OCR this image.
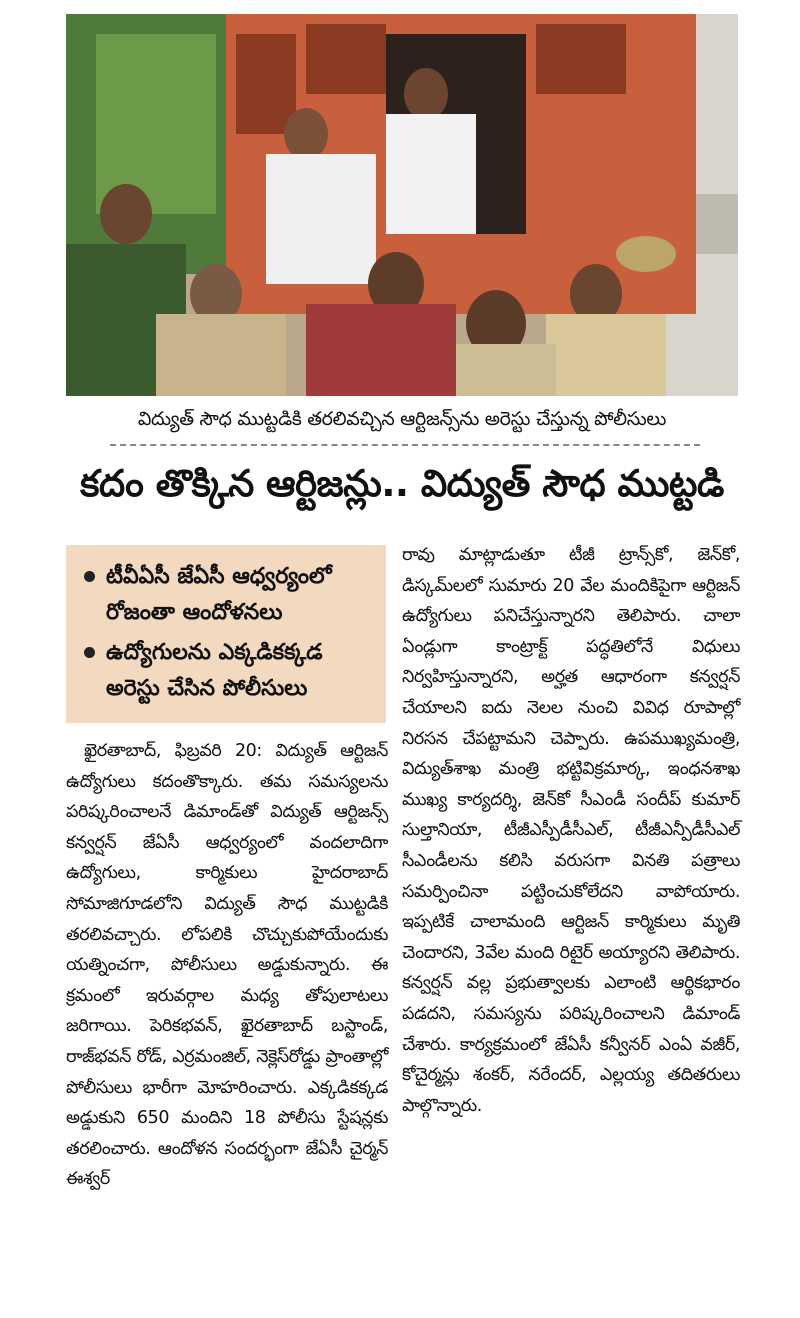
విద్యుత్‌ సౌధ ముట్టడికి తరలివచ్చిన ఆర్టిజన్స్‌ను అరెస్టు చేస్తున్న పోలీసులు
కదం తొక్కిన ఆర్టిజన్లు.. విద్యుత్‌ సౌధ ముట్టడి
టీవీఏసీ జేఏసీ ఆధ్వర్యంలో రోజంతా ఆందోళనలు
ఉద్యోగులను ఎక్కడికక్కడ అరెస్టు చేసిన పోలీసులు

ఖైరతాబాద్‌, ఫిబ్రవరి 20: విద్యుత్‌ ఆర్టిజన్‌ ఉద్యోగులు కదంతొక్కారు. తమ సమస్యలను పరిష్కరించాలనే డిమాండ్‌తో విద్యుత్‌ ఆర్టిజన్స్‌ కన్వర్షన్‌ జేఏసీ ఆధ్వర్యంలో వందలాదిగా ఉద్యోగులు, కార్మికులు హైదరాబాద్‌ సోమాజిగూడలోని విద్యుత్‌ సౌధ ముట్టడికి తరలివచ్చారు. లోపలికి చొచ్చుకుపోయేందుకు యత్నించగా, పోలీసులు అడ్డుకున్నారు. ఈ క్రమంలో ఇరువర్గాల మధ్య తోపులాటలు జరిగాయి. పెరికభవన్‌, ఖైరతాబాద్‌ బస్టాండ్‌, రాజ్‌భవన్‌ రోడ్‌, ఎర్రమంజిల్‌, నెక్లెస్‌రోడ్డు ప్రాంతాల్లో పోలీసులు భారీగా మోహరించారు. ఎక్కడికక్కడ అడ్డుకుని 650 మందిని 18 పోలీసు స్టేషన్లకు తరలించారు. ఆందోళన సందర్భంగా జేఏసీ చైర్మన్‌ ఈశ్వర్‌

రావు మాట్లాడుతూ టీజీ ట్రాన్స్‌కో, జెన్‌కో, డిస్కమ్‌లలో సుమారు 20 వేల మందికిపైగా ఆర్టిజన్‌ ఉద్యోగులు పనిచేస్తున్నారని తెలిపారు. చాలా ఏండ్లుగా కాంట్రాక్ట్‌ పద్ధతిలోనే విధులు నిర్వహిస్తున్నారని, అర్హత ఆధారంగా కన్వర్షన్‌ చేయాలని ఐదు నెలల నుంచి వివిధ రూపాల్లో నిరసన చేపట్టామని చెప్పారు. ఉపముఖ్యమంత్రి, విద్యుత్‌శాఖ మంత్రి భట్టివిక్రమార్క, ఇంధనశాఖ ముఖ్య కార్యదర్శి, జెన్‌కో సీఎండీ సందీప్‌ కుమార్‌ సుల్తానియా, టీజీఎస్పీడీసీఎల్‌, టీజీఎన్పీడీసీఎల్‌ సీఎండీలను కలిసి వరుసగా వినతి పత్రాలు సమర్పించినా పట్టించుకోలేదని వాపోయారు. ఇప్పటికే చాలామంది ఆర్టిజన్‌ కార్మికులు మృతి చెందారని, 3వేల మంది రిటైర్‌ అయ్యారని తెలిపారు. కన్వర్షన్‌ వల్ల ప్రభుత్వాలకు ఎలాంటి ఆర్థికభారం పడదని, సమస్యను పరిష్కరించాలని డిమాండ్‌ చేశారు. కార్యక్రమంలో జేఏసీ కన్వీనర్‌ ఎంఏ వజీర్‌, కోచైర్మన్లు శంకర్‌, నరేందర్‌, ఎల్లయ్య తదితరులు పాల్గొన్నారు.
